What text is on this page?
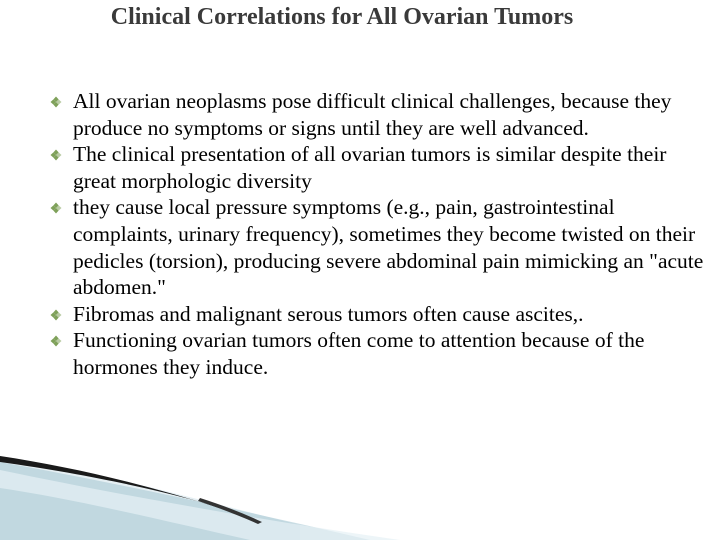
Clinical Correlations for All Ovarian Tumors
All ovarian neoplasms pose difficult clinical challenges, because they produce no symptoms or signs until they are well advanced.
The clinical presentation of all ovarian tumors is similar despite their great morphologic diversity
they cause local pressure symptoms (e.g., pain, gastrointestinal complaints, urinary frequency), sometimes they become twisted on their pedicles (torsion), producing severe abdominal pain mimicking an "acute abdomen."
Fibromas and malignant serous tumors often cause ascites,.
Functioning ovarian tumors often come to attention because of the hormones they induce.
